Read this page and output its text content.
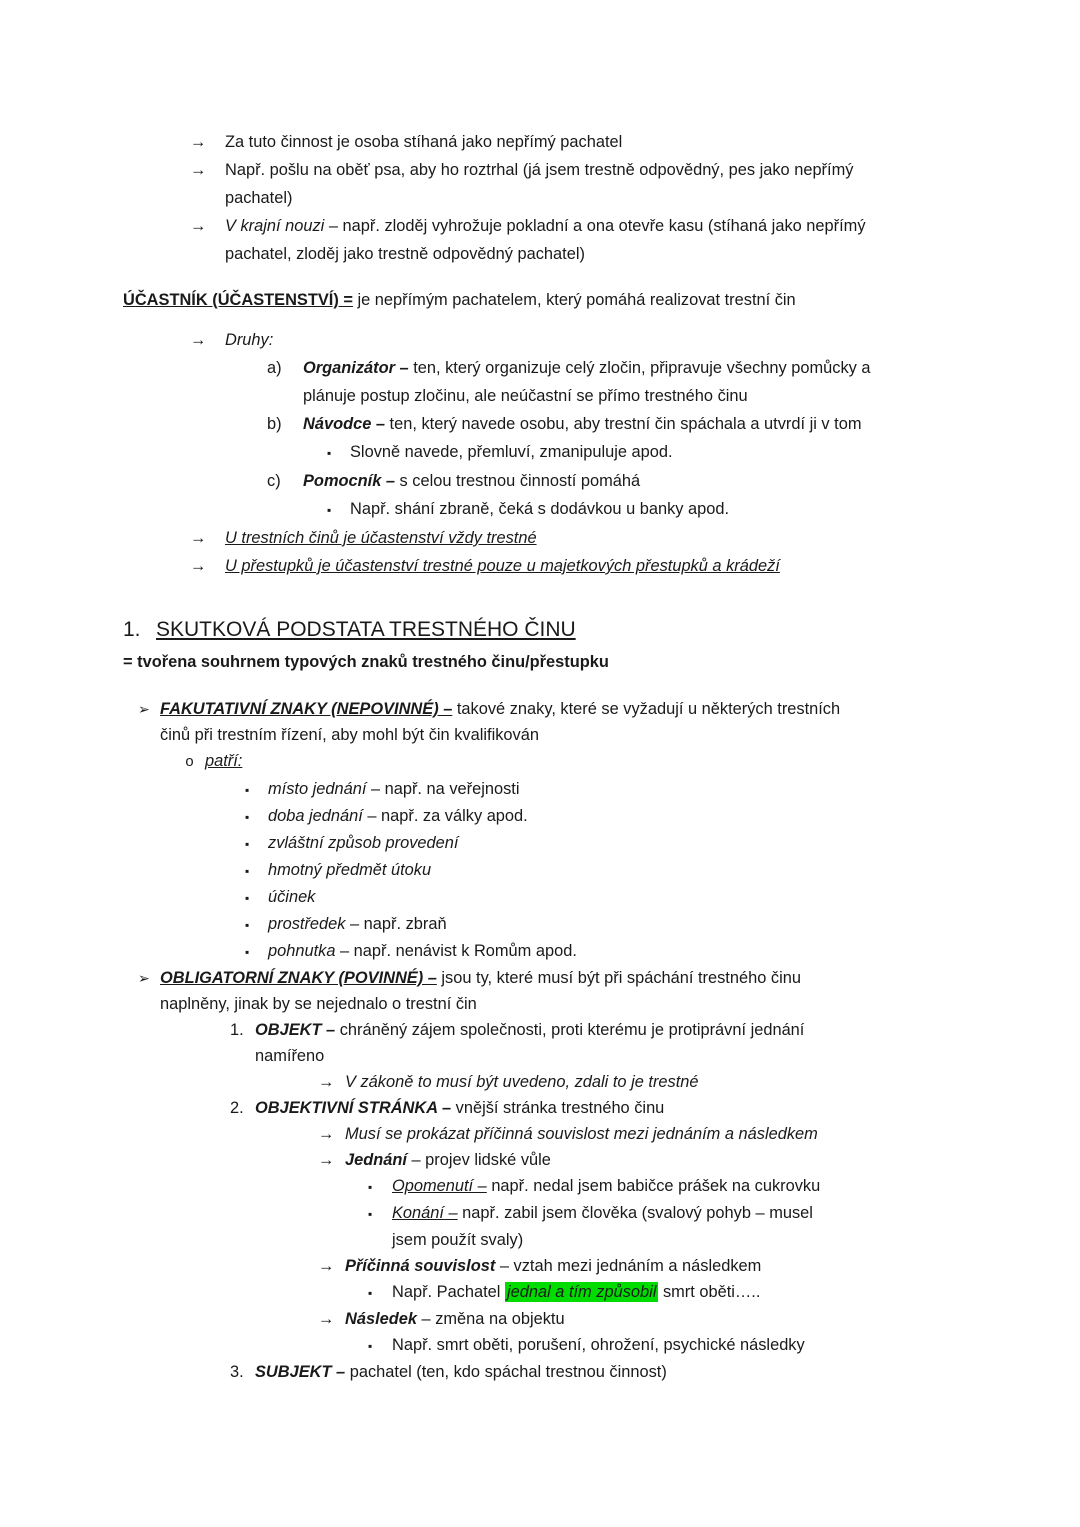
→	Za tuto činnost je osoba stíhaná jako nepřímý pachatel
→	Např. pošlu na oběť psa, aby ho roztrhal (já jsem trestně odpovědný, pes jako nepřímý
pachatel)
→	V krajní nouzi – např. zloděj vyhrožuje pokladní a ona otevře kasu (stíhaná jako nepřímý
pachatel, zloděj jako trestně odpovědný pachatel)
ÚČASTNÍK (ÚČASTENSTVÍ) = je nepřímým pachatelem, který pomáhá realizovat trestní čin
→	Druhy:
a)	Organizátor – ten, který organizuje celý zločin, připravuje všechny pomůcky a
plánuje postup zločinu, ale neúčastní se přímo trestného činu
b)	Návodce – ten, který navede osobu, aby trestní čin spáchala a utvrdí ji v tom
▪	Slovně navede, přemluví, zmanipuluje apod.
c)	Pomocník – s celou trestnou činností pomáhá
▪	Např. shání zbraně, čeká s dodávkou u banky apod.
→	U trestních činů je účastenství vždy trestné
→	U přestupků je účastenství trestné pouze u majetkových přestupků a krádeží
1. SKUTKOVÁ PODSTATA TRESTNÉHO ČINU
= tvořena souhrnem typových znaků trestného činu/přestupku
➢ FAKUTATIVNÍ ZNAKY (NEPOVINNÉ) – takové znaky, které se vyžadují u některých trestních
činů při trestním řízení, aby mohl být čin kvalifikován
o patří:
▪	místo jednání – např. na veřejnosti
▪	doba jednání – např. za války apod.
▪	zvláštní způsob provedení
▪	hmotný předmět útoku
▪	účinek
▪	prostředek – např. zbraň
▪	pohnutka – např. nenávist k Romům apod.
➢ OBLIGATORNÍ ZNAKY (POVINNÉ) – jsou ty, které musí být při spáchání trestného činu
naplněny, jinak by se nejednalo o trestní čin
1. OBJEKT – chráněný zájem společnosti, proti kterému je protiprávní jednání
namířeno
→ V zákoně to musí být uvedeno, zdali to je trestné
2. OBJEKTIVNÍ STRÁNKA – vnější stránka trestného činu
→ Musí se prokázat příčinná souvislost mezi jednáním a následkem
→ Jednání – projev lidské vůle
▪	Opomenutí – např. nedal jsem babičce prášek na cukrovku
▪	Konání – např. zabil jsem člověka (svalový pohyb – musel
jsem použít svaly)
→ Příčinná souvislost – vztah mezi jednáním a následkem
▪	Např. Pachatel jednal a tím způsobil smrt oběti…..
→ Následek – změna na objektu
▪	Např. smrt oběti, porušení, ohrožení, psychické následky
3. SUBJEKT – pachatel (ten, kdo spáchal trestnou činnost)
